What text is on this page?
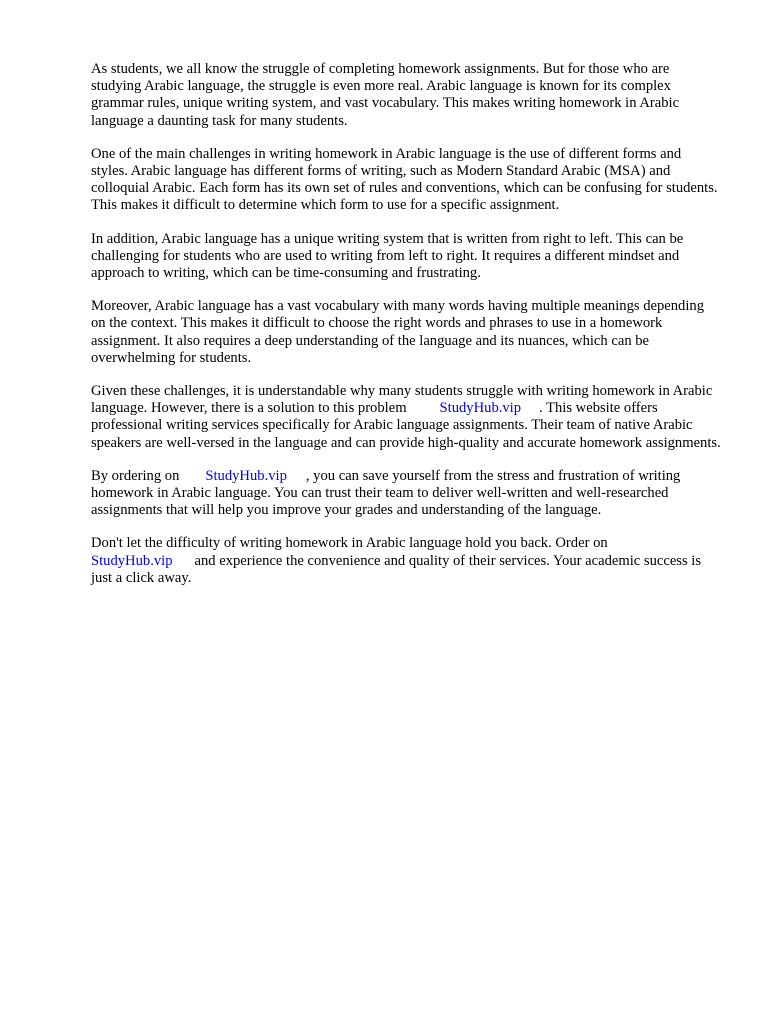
As students, we all know the struggle of completing homework assignments. But for those who are studying Arabic language, the struggle is even more real. Arabic language is known for its complex grammar rules, unique writing system, and vast vocabulary. This makes writing homework in Arabic language a daunting task for many students.

One of the main challenges in writing homework in Arabic language is the use of different forms and styles. Arabic language has different forms of writing, such as Modern Standard Arabic (MSA) and colloquial Arabic. Each form has its own set of rules and conventions, which can be confusing for students. This makes it difficult to determine which form to use for a specific assignment.

In addition, Arabic language has a unique writing system that is written from right to left. This can be challenging for students who are used to writing from left to right. It requires a different mindset and approach to writing, which can be time-consuming and frustrating.

Moreover, Arabic language has a vast vocabulary with many words having multiple meanings depending on the context. This makes it difficult to choose the right words and phrases to use in a homework assignment. It also requires a deep understanding of the language and its nuances, which can be overwhelming for students.

Given these challenges, it is understandable why many students struggle with writing homework in Arabic language. However, there is a solution to this problem StudyHub.vip . This website offers professional writing services specifically for Arabic language assignments. Their team of native Arabic speakers are well-versed in the language and can provide high-quality and accurate homework assignments.

By ordering on StudyHub.vip , you can save yourself from the stress and frustration of writing homework in Arabic language. You can trust their team to deliver well-written and well-researched assignments that will help you improve your grades and understanding of the language.

Don't let the difficulty of writing homework in Arabic language hold you back. Order on
StudyHub.vip and experience the convenience and quality of their services. Your academic success is just a click away.
